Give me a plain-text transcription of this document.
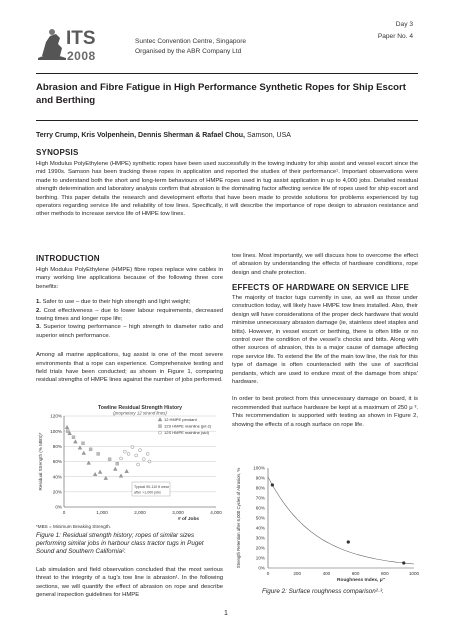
ITS
2008
Suntec Convention Centre, Singapore
Organised by the ABR Company Ltd
Day 3
Paper No. 4
Abrasion and Fibre Fatigue in High Performance Synthetic Ropes for Ship Escort and Berthing
Terry Crump, Kris Volpenhein, Dennis Sherman & Rafael Chou, Samson, USA
SYNOPSIS
High Modulus PolyEthylene (HMPE) synthetic ropes have been used successfully in the towing industry for ship assist and vessel escort since the mid 1990s. Samson has been tracking these ropes in application and reported the studies of their performance¹. Important observations were made to understand both the short and long-term behaviours of HMPE ropes used in tug assist application in up to 4,000 jobs. Detailed residual strength determination and laboratory analysis confirm that abrasion is the dominating factor affecting service life of ropes used for ship escort and berthing. This paper details the research and development efforts that have been made to provide solutions for problems experienced by tug operators regarding service life and reliability of tow lines. Specifically, it will describe the importance of rope design to abrasion resistance and other methods to increase service life of HMPE tow lines.
INTRODUCTION

High Modulus PolyEthylene (HMPE) fibre ropes replace wire cables in many working line applications because of the following three core benefits:

1. Safer to use – due to their high strength and light weight;
2. Cost effectiveness – due to lower labour requirements, decreased towing times and longer rope life;
3. Superior towing performance – high strength to diameter ratio and superior winch performance.

Among all marine applications, tug assist is one of the most severe environments that a rope can experience. Comprehensive testing and field trials have been conducted; as shown in Figure 1, comparing residual strengths of HMPE lines against the number of jobs performed.

Towline Residual Strength History
(proprietary 12 strand lines)
0%
20%
40%
60%
80%
100%
120%
0	1,000	2,000	3,000	4,000
Residual Strength (% MBS)*
# of Jobs
Typical 90-110 ft wear
after >1,000 jobs
12 HMPE pendant
12S HMPE mainline (jet-2)
12S HMPE mainline (std)
*MBS = Minimum Breaking Strength.
Figure 1: Residual strength history; ropes of similar sizes performing similar jobs in harbour class tractor tugs in Puget Sound and Southern California².
Lab simulation and field observation concluded that the most serious threat to the integrity of a tug’s tow line is abrasion¹. In the following sections, we will quantify the effect of abrasion on rope and describe general inspection guidelines for HMPE
tow lines. Most importantly, we will discuss how to overcome the effect of abrasion by understanding the effects of hardware conditions, rope design and chafe protection.
EFFECTS OF HARDWARE ON SERVICE LIFE

The majority of tractor tugs currently in use, as well as those under construction today, will likely have HMPE tow lines installed. Also, their design will have considerations of the proper deck hardware that would minimise unnecessary abrasion damage (ie, stainless steel staples and bitts). However, in vessel escort or berthing, there is often little or no control over the condition of the vessel’s chocks and bitts. Along with other sources of abrasion, this is a major cause of damage affecting rope service life. To extend the life of the main tow line, the risk for this type of damage is often counteracted with the use of sacrificial pendants, which are used to endure most of the damage from ships’ hardware.

In order to best protect from this unnecessary damage on board, it is recommended that surface hardware be kept at a maximum of 250 μ ³. This recommendation is supported with testing as shown in Figure 2, showing the effects of a rough surface on rope life.

0%
10%
20%
30%
40%
50%
60%
70%
80%
90%
100%
0	200	400	600	800	1000
Strength Retention after 6,000 Cycles of Abrasion, %
Roughness Index, μ″
Figure 2: Surface roughness comparison²·³.
1
